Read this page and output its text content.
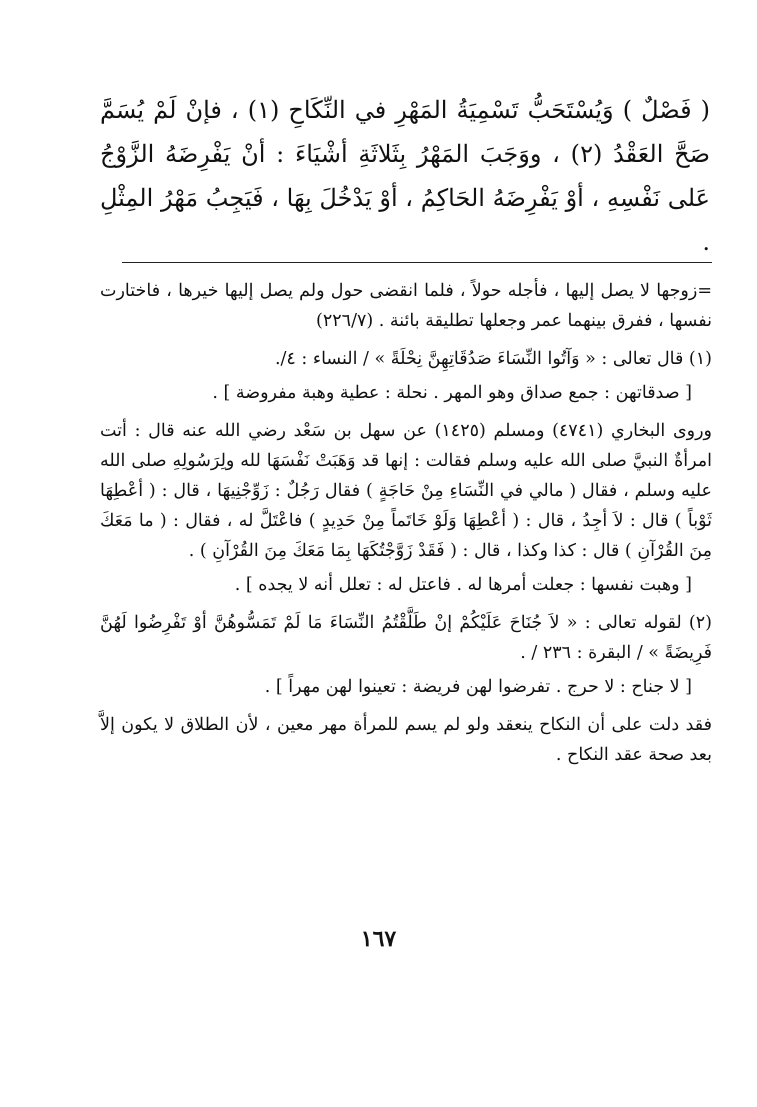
( فَصْلٌ ) وَيُسْتَحَبُّ تَسْمِيَةُ المَهْرِ في النِّكَاحِ (١) ، فإنْ لَمْ يُسَمَّ صَحَّ العَقْدُ (٢) ، ووَجَبَ المَهْرُ بِثَلاثَةِ أشْيَاءَ : أنْ يَفْرِضَهُ الزَّوْجُ عَلى نَفْسِهِ ، أوْ يَفْرِضَهُ الحَاكِمُ ، أوْ يَدْخُلَ بِهَا ، فَيَجِبُ مَهْرُ المِثْلِ .

=زوجها لا يصل إليها ، فأجله حولاً ، فلما انقضى حول ولم يصل إليها خيرها ، فاختارت نفسها ، ففرق بينهما عمر وجعلها تطليقة بائنة . (٢٢٦/٧)

(١) قال تعالى : « وَآتُوا النِّسَاءَ صَدُقَاتِهِنَّ نِحْلَةً » / النساء : ٤/.

[ صدقاتهن : جمع صداق وهو المهر . نحلة : عطية وهبة مفروضة ] .

وروى البخاري (٤٧٤١) ومسلم (١٤٢٥) عن سهل بن سَعْد رضي الله عنه قال : أتت امرأةٌ النبيَّ صلى الله عليه وسلم فقالت : إنها قد وَهَبَتْ نَفْسَهَا لله ولِرَسُولِهِ صلى الله عليه وسلم ، فقال ( مالي في النِّسَاءِ مِنْ حَاجَةٍ ) فقال رَجُلٌ : زَوِّجْنِيهَا ، قال : ( أعْطِهَا ثَوْباً ) قال : لاَ أجِدُ ، قال : ( أعْطِهَا وَلَوْ خَاتَماً مِنْ حَدِيدٍ ) فاعْتَلَّ له ، فقال : ( ما مَعَكَ مِنَ القُرْآنِ ) قال : كذا وكذا ، قال : ( فَقَدْ زَوَّجْتُكَهَا بِمَا مَعَكَ مِنَ القُرْآنِ ) .

[ وهبت نفسها : جعلت أمرها له . فاعتل له : تعلل أنه لا يجده ] .

(٢) لقوله تعالى : « لاَ جُنَاحَ عَلَيْكُمْ إنْ طَلَّقْتُمُ النِّسَاءَ مَا لَمْ تَمَسُّوهُنَّ أوْ تَفْرِضُوا لَهُنَّ فَرِيضَةً » / البقرة : ٢٣٦ / .

[ لا جناح : لا حرج . تفرضوا لهن فريضة : تعينوا لهن مهراً ] .

فقد دلت على أن النكاح ينعقد ولو لم يسم للمرأة مهر معين ، لأن الطلاق لا يكون إلاَّ بعد صحة عقد النكاح .

١٦٧
